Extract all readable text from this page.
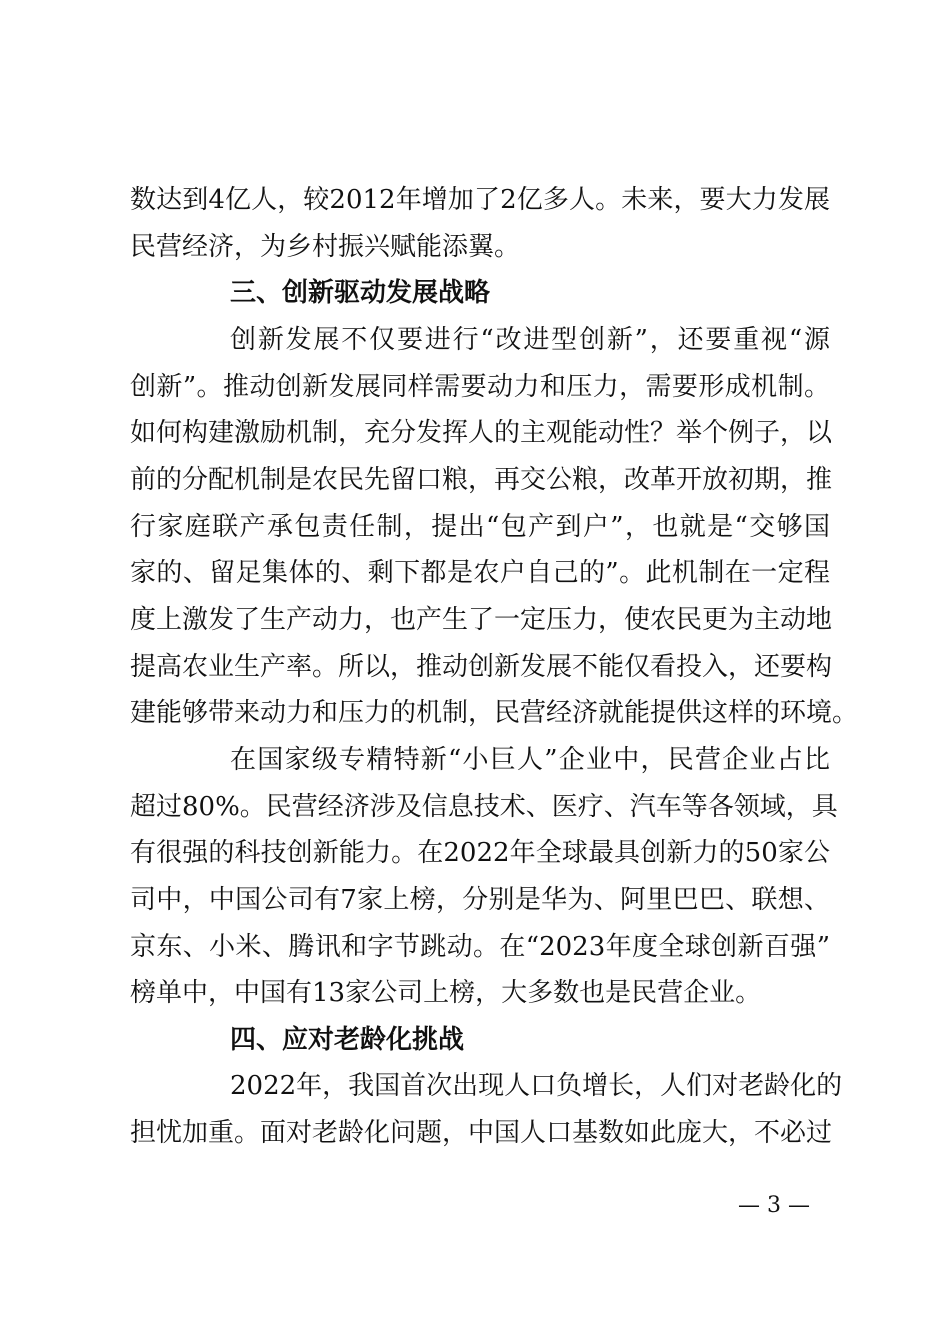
数达到4亿人，较2012年增加了2亿多人。未来，要大力发展
民营经济，为乡村振兴赋能添翼。
三、创新驱动发展战略
创新发展不仅要进行“改进型创新”，还要重视“源
创新”。推动创新发展同样需要动力和压力，需要形成机制。
如何构建激励机制，充分发挥人的主观能动性？举个例子，以
前的分配机制是农民先留口粮，再交公粮，改革开放初期，推
行家庭联产承包责任制，提出“包产到户”，也就是“交够国
家的、留足集体的、剩下都是农户自己的”。此机制在一定程
度上激发了生产动力，也产生了一定压力，使农民更为主动地
提高农业生产率。所以，推动创新发展不能仅看投入，还要构
建能够带来动力和压力的机制，民营经济就能提供这样的环境。
在国家级专精特新“小巨人”企业中，民营企业占比
超过80%。民营经济涉及信息技术、医疗、汽车等各领域，具
有很强的科技创新能力。在2022年全球最具创新力的50家公
司中，中国公司有7家上榜，分别是华为、阿里巴巴、联想、
京东、小米、腾讯和字节跳动。在“2023年度全球创新百强”
榜单中，中国有13家公司上榜，大多数也是民营企业。
四、应对老龄化挑战
2022年，我国首次出现人口负增长，人们对老龄化的
担忧加重。面对老龄化问题，中国人口基数如此庞大，不必过
— 3 —
